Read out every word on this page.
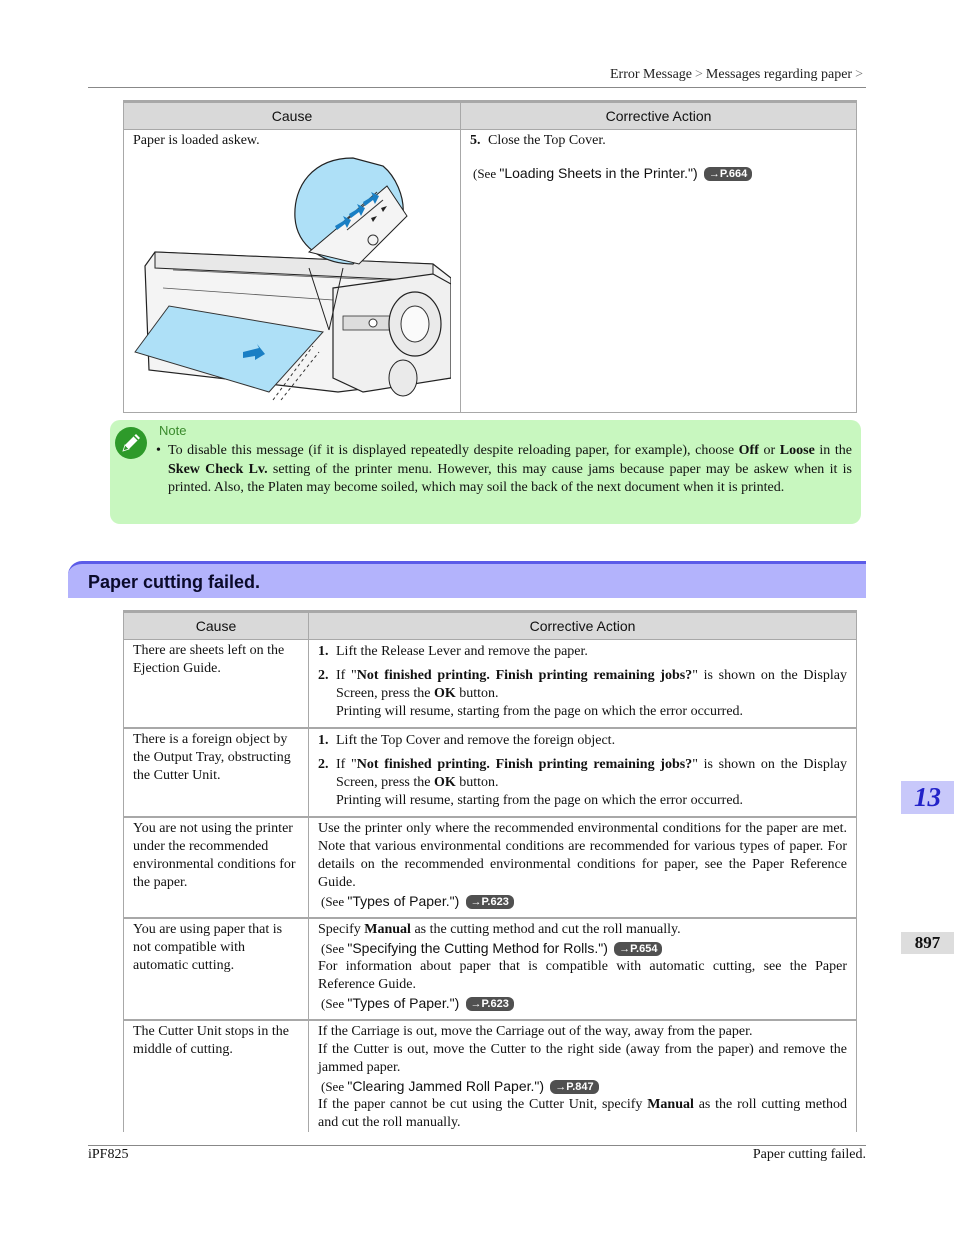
Error Message > Messages regarding paper >
Cause	Corrective Action

Paper is loaded askew.	5. Close the Top Cover.
(See "Loading Sheets in the Printer.") →P.664
Note
• To disable this message (if it is displayed repeatedly despite reloading paper, for example), choose Off or Loose in the Skew Check Lv. setting of the printer menu. However, this may cause jams because paper may be askew when it is printed. Also, the Platen may become soiled, which may soil the back of the next document when it is printed.
Paper cutting failed.
Cause	Corrective Action
There are sheets left on the Ejection Guide.	1. Lift the Release Lever and remove the paper.
2. If "Not finished printing. Finish printing remaining jobs?" is shown on the Display Screen, press the OK button.
Printing will resume, starting from the page on which the error occurred.

There is a foreign object by the Output Tray, obstructing the Cutter Unit.	1. Lift the Top Cover and remove the foreign object.
2. If "Not finished printing. Finish printing remaining jobs?" is shown on the Display Screen, press the OK button.
Printing will resume, starting from the page on which the error occurred.

You are not using the printer under the recommended environmental conditions for the paper.	Use the printer only where the recommended environmental conditions for the paper are met. Note that various environmental conditions are recommended for various types of paper. For details on the recommended environmental conditions for paper, see the Paper Reference Guide.
(See "Types of Paper.") →P.623

You are using paper that is not compatible with automatic cutting.	Specify Manual as the cutting method and cut the roll manually.
(See "Specifying the Cutting Method for Rolls.") →P.654
For information about paper that is compatible with automatic cutting, see the Paper Reference Guide.
(See "Types of Paper.") →P.623

The Cutter Unit stops in the middle of cutting.	If the Carriage is out, move the Carriage out of the way, away from the paper.
If the Cutter is out, move the Cutter to the right side (away from the paper) and remove the jammed paper.
(See "Clearing Jammed Roll Paper.") →P.847
If the paper cannot be cut using the Cutter Unit, specify Manual as the roll cutting method and cut the roll manually.
13
897
iPF825	Paper cutting failed.
